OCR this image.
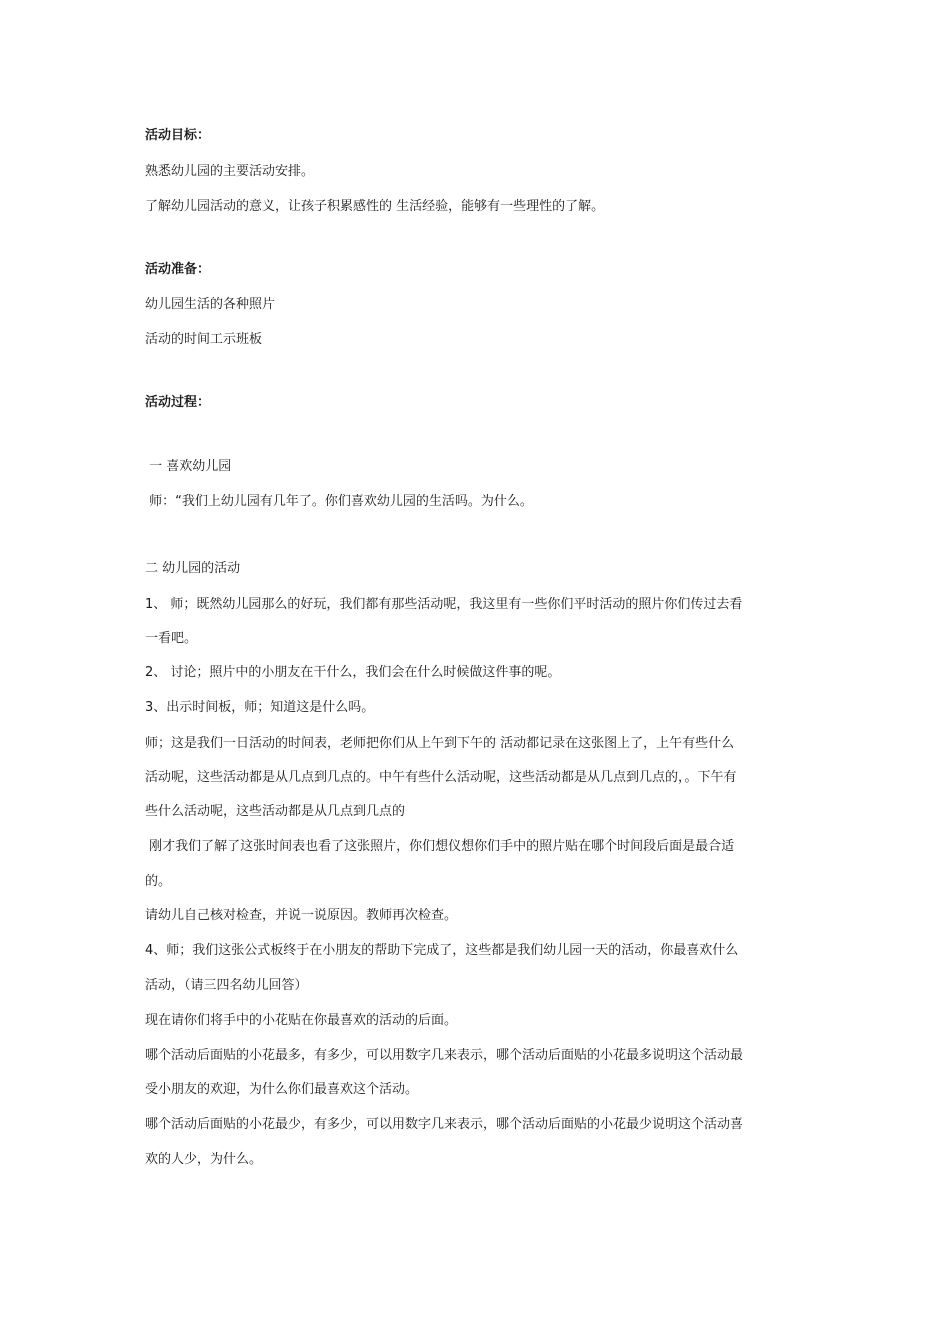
活动目标：
熟悉幼儿园的主要活动安排。
了解幼儿园活动的意义，让孩子积累感性的 生活经验，能够有一些理性的了解。
活动准备：
幼儿园生活的各种照片
活动的时间工示班板
活动过程：
一 喜欢幼儿园
师：“我们上幼儿园有几年了。你们喜欢幼儿园的生活吗。为什么。
二 幼儿园的活动
1、 师；既然幼儿园那么的好玩，我们都有那些活动呢，我这里有一些你们平时活动的照片你们传过去看
一看吧。
2、 讨论；照片中的小朋友在干什么，我们会在什么时候做这件事的呢。
3、出示时间板，师；知道这是什么吗。
师；这是我们一日活动的时间表，老师把你们从上午到下午的 活动都记录在这张图上了，上午有些什么
活动呢，这些活动都是从几点到几点的。中午有些什么活动呢，这些活动都是从几点到几点的，。下午有
些什么活动呢，这些活动都是从几点到几点的
刚才我们了解了这张时间表也看了这张照片，你们想仪想你们手中的照片贴在哪个时间段后面是最合适
的。
请幼儿自己核对检查，并说一说原因。教师再次检查。
4、师；我们这张公式板终于在小朋友的帮助下完成了，这些都是我们幼儿园一天的活动，你最喜欢什么
活动，（请三四名幼儿回答）
现在请你们将手中的小花贴在你最喜欢的活动的后面。
哪个活动后面贴的小花最多，有多少，可以用数字几来表示，哪个活动后面贴的小花最多说明这个活动最
受小朋友的欢迎，为什么你们最喜欢这个活动。
哪个活动后面贴的小花最少，有多少，可以用数字几来表示，哪个活动后面贴的小花最少说明这个活动喜
欢的人少，为什么。
